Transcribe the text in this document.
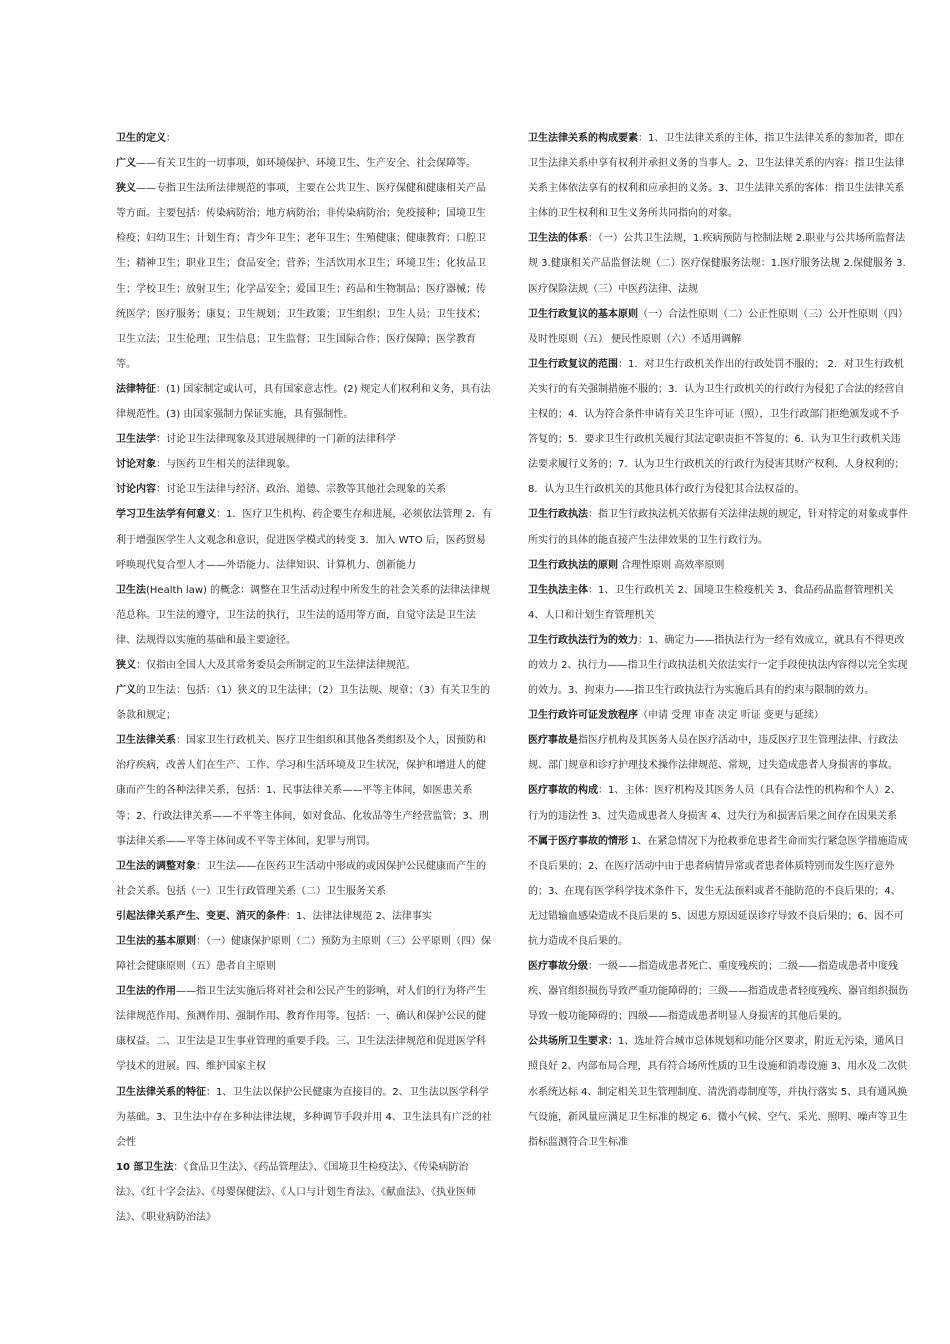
卫生的定义：

广义——有关卫生的一切事项，如环境保护、环境卫生、生产安全、社会保障等。

狭义——专指卫生法所法律规范的事项，主要在公共卫生、医疗保健和健康相关产品等方面。主要包括：传染病防治；地方病防治；非传染病防治；免疫接种；国境卫生检疫；妇幼卫生；计划生育；青少年卫生；老年卫生；生殖健康；健康教育；口腔卫生；精神卫生；职业卫生；食品安全；营养；生活饮用水卫生；环境卫生；化妆品卫生；学校卫生；放射卫生；化学品安全；爱国卫生；药品和生物制品；医疗器械；传统医学；医疗服务；康复；卫生规划；卫生政策；卫生组织；卫生人员；卫生技术；卫生立法；卫生伦理；卫生信息；卫生监督；卫生国际合作；医疗保障；医学教育等。

法律特征：(1) 国家制定或认可，具有国家意志性。(2) 规定人们权利和义务，具有法律规范性。(3) 由国家强制力保证实施，具有强制性。

卫生法学：讨论卫生法律现象及其进展规律的一门新的法律科学

讨论对象：与医药卫生相关的法律现象。

讨论内容：讨论卫生法律与经济、政治、道德、宗教等其他社会现象的关系

学习卫生法学有何意义：1．医疗卫生机构、药企要生存和进展，必须依法管理 2．有利于增强医学生人文观念和意识，促进医学模式的转变 3．加入 WTO 后，医药贸易呼唤现代复合型人才——外语能力、法律知识、计算机力、创新能力

卫生法(Health law) 的概念：调整在卫生活动过程中所发生的社会关系的法律法律规范总称。卫生法的遵守，卫生法的执行，卫生法的适用等方面，自觉守法是卫生法律、法规得以实施的基础和最主要途径。

狭义：仅指由全国人大及其常务委员会所制定的卫生法律法律规范。

广义的卫生法：包括：（1）狭义的卫生法律；（2）卫生法规、规章；（3）有关卫生的条款和规定；

卫生法律关系：国家卫生行政机关、医疗卫生组织和其他各类组织及个人，因预防和治疗疾病，改善人们在生产、工作、学习和生活环境及卫生状况，保护和增进人的健康而产生的各种法律关系，包括：1、民事法律关系——平等主体间，如医患关系等；2、行政法律关系——不平等主体间，如对食品、化妆品等生产经营监管；3、刑事法律关系——平等主体间或不平等主体间，犯罪与刑罚。

卫生法的调整对象：卫生法——在医药卫生活动中形成的或因保护公民健康而产生的社会关系。包括（一）卫生行政管理关系（二）卫生服务关系

引起法律关系产生、变更、消灭的条件：1、法律法律规范 2、法律事实

卫生法的基本原则：（一）健康保护原则（二）预防为主原则（三）公平原则（四）保障社会健康原则（五）患者自主原则

卫生法的作用——指卫生法实施后将对社会和公民产生的影响，对人们的行为将产生法律规范作用、预测作用、强制作用、教育作用等。包括：一、确认和保护公民的健康权益。二、卫生法是卫生事业管理的重要手段。三、卫生法法律规范和促进医学科学技术的进展。四、维护国家主权

卫生法律关系的特征：1、卫生法以保护公民健康为直接目的。2、卫生法以医学科学为基础。3、卫生法中存在多种法律法规，多种调节手段并用 4、卫生法具有广泛的社会性

10 部卫生法：《食品卫生法》、《药品管理法》、《国境卫生检疫法》、《传染病防治法》、《红十字会法》、《母婴保健法》、《人口与计划生育法》、《献血法》、《执业医师法》、《职业病防治法》

卫生法律关系的构成要素：1、卫生法律关系的主体，指卫生法律关系的参加者，即在卫生法律关系中享有权利并承担义务的当事人。2、卫生法律关系的内容：指卫生法律关系主体依法享有的权利和应承担的义务。3、卫生法律关系的客体：指卫生法律关系主体的卫生权利和卫生义务所共同指向的对象。

卫生法的体系：（一）公共卫生法规，1.疾病预防与控制法规 2.职业与公共场所监督法规 3.健康相关产品监督法规（二）医疗保健服务法规：1.医疗服务法规 2.保健服务 3.医疗保险法规（三）中医药法律、法规

卫生行政复议的基本原则（一）合法性原则（二）公正性原则（三）公开性原则（四）及时性原则（五） 便民性原则（六）不适用调解

卫生行政复议的范围：1．对卫生行政机关作出的行政处罚不服的； 2．对卫生行政机关实行的有关强制措施不服的；3．认为卫生行政机关的行政行为侵犯了合法的经营自主权的；4．认为符合条件申请有关卫生许可证（照），卫生行政部门拒绝颁发或不予答复的；5．要求卫生行政机关履行其法定职责拒不答复的；6．认为卫生行政机关违法要求履行义务的；7．认为卫生行政机关的行政行为侵害其财产权利、人身权利的；8．认为卫生行政机关的其他具体行政行为侵犯其合法权益的。

卫生行政执法：指卫生行政执法机关依据有关法律法规的规定，针对特定的对象或事件所实行的具体的能直接产生法律效果的卫生行政行为。

卫生行政执法的原则 合理性原则 高效率原则

卫生执法主体：1、卫生行政机关 2、国境卫生检疫机关 3、食品药品监督管理机关 4、人口和计划生育管理机关

卫生行政执法行为的效力：1、确定力——指执法行为一经有效成立，就具有不得更改的效力 2、执行力——指卫生行政执法机关依法实行一定手段使执法内容得以完全实现的效力。3、拘束力——指卫生行政执法行为实施后具有的约束与限制的效力。

卫生行政许可证发放程序（申请 受理 审查 决定 听证 变更与延续）

医疗事故是指医疗机构及其医务人员在医疗活动中，违反医疗卫生管理法律、行政法规、部门规章和诊疗护理技术操作法律规范、常规，过失造成患者人身损害的事故。

医疗事故的构成：1、主体：医疗机构及其医务人员（具有合法性的机构和个人）2、行为的违法性 3、过失造成患者人身损害 4、过失行为和损害后果之间存在因果关系

不属于医疗事故的情形 1、在紧急情况下为抢救垂危患者生命而实行紧急医学措施造成不良后果的；2、在医疗活动中由于患者病情异常或者患者体质特别而发生医疗意外的；3、在现有医学科学技术条件下，发生无法预料或者不能防范的不良后果的；4、无过错输血感染造成不良后果的 5、因患方原因延误诊疗导致不良后果的；6、因不可抗力造成不良后果的。

医疗事故分级：一级——指造成患者死亡、重度残疾的；二级——指造成患者中度残疾、器官组织损伤导致严重功能障碍的；三级——指造成患者轻度残疾、器官组织损伤导致一般功能障碍的；四级——指造成患者明显人身损害的其他后果的。

公共场所卫生要求：1、选址符合城市总体规划和功能分区要求，附近无污染，通风日照良好 2、内部布局合理，具有符合场所性质的卫生设施和消毒设施 3、用水及二次供水系统达标 4、制定相关卫生管理制度、清洗消毒制度等，并执行落实 5、具有通风换气设施，新风量应满足卫生标准的规定 6、微小气候、空气、采光、照明、噪声等卫生指标监测符合卫生标准
